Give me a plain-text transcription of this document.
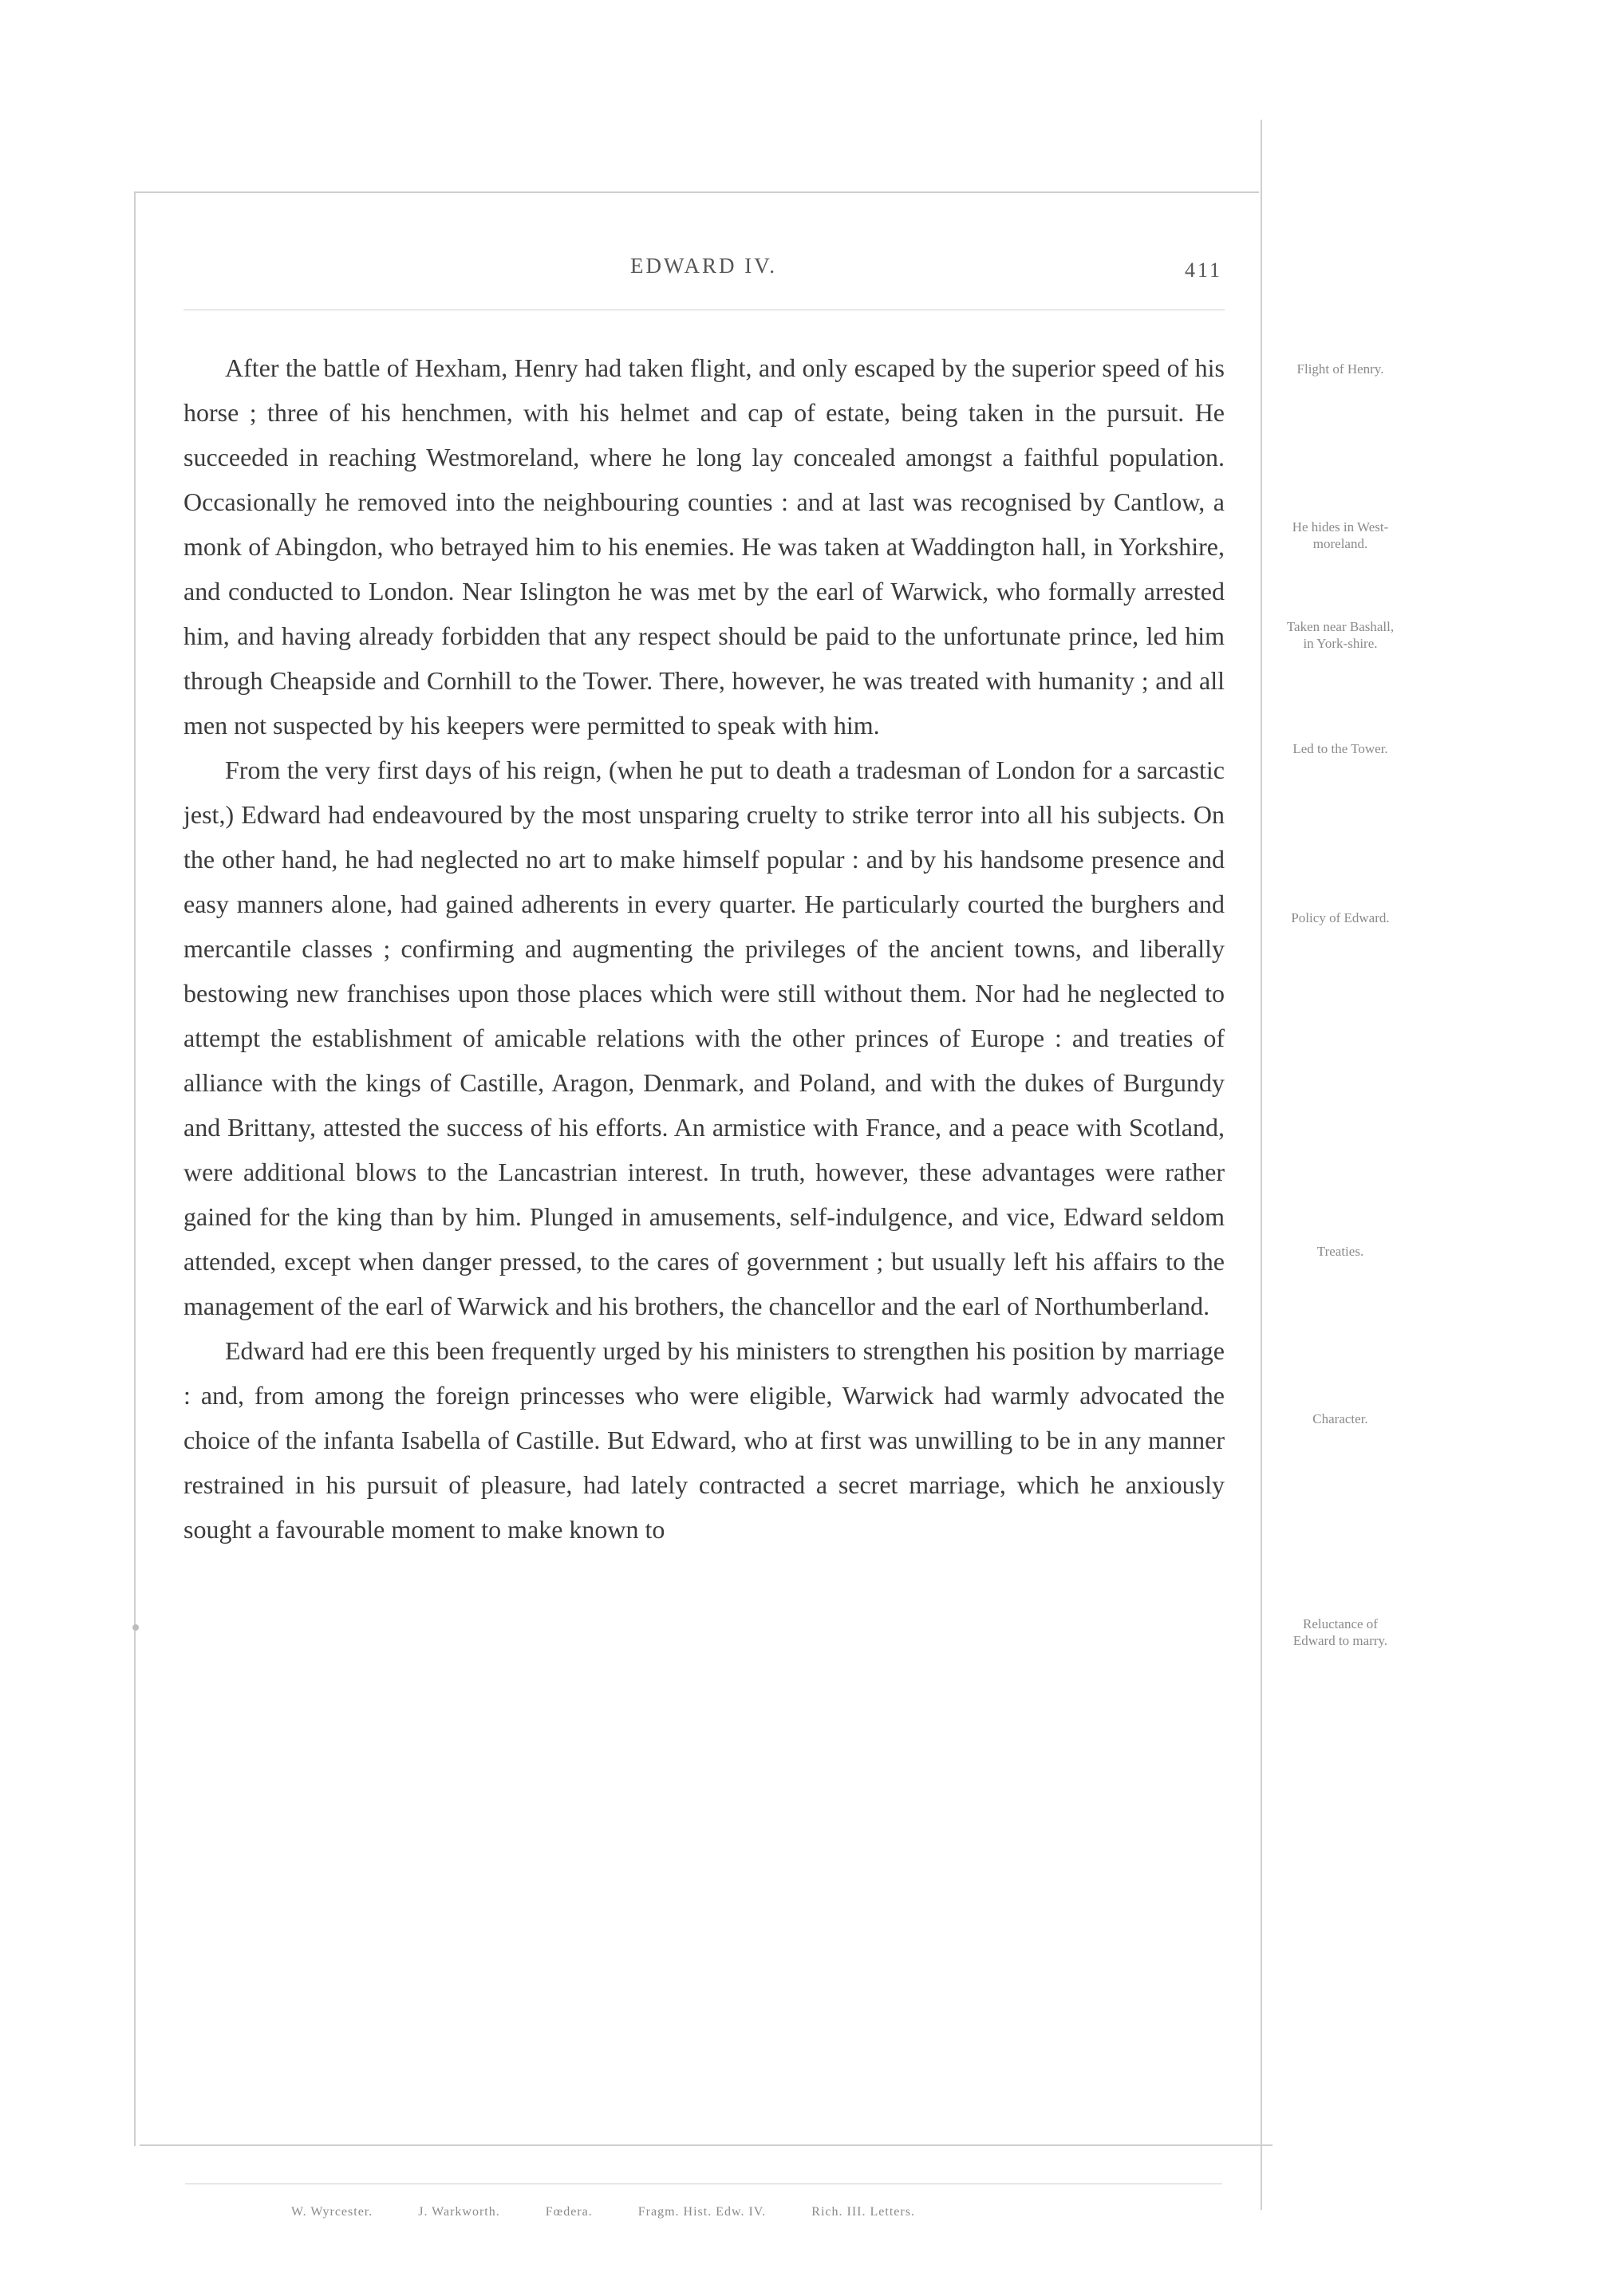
EDWARD IV.	411

After the battle of Hexham, Henry had taken flight, and only escaped by the superior speed of his horse ; three of his henchmen, with his helmet and cap of estate, being taken in the pursuit. He succeeded in reaching Westmoreland, where he long lay concealed amongst a faithful population. Occasionally he removed into the neighbouring counties : and at last was recognised by Cantlow, a monk of Abingdon, who betrayed him to his enemies. He was taken at Waddington hall, in Yorkshire, and conducted to London. Near Islington he was met by the earl of Warwick, who formally arrested him, and having already forbidden that any respect should be paid to the unfortunate prince, led him through Cheapside and Cornhill to the Tower. There, however, he was treated with humanity ; and all men not suspected by his keepers were permitted to speak with him.

From the very first days of his reign, (when he put to death a tradesman of London for a sarcastic jest,) Edward had endeavoured by the most unsparing cruelty to strike terror into all his subjects. On the other hand, he had neglected no art to make himself popular : and by his handsome presence and easy manners alone, had gained adherents in every quarter. He particularly courted the burghers and mercantile classes ; confirming and augmenting the privileges of the ancient towns, and liberally bestowing new franchises upon those places which were still without them. Nor had he neglected to attempt the establishment of amicable relations with the other princes of Europe : and treaties of alliance with the kings of Castille, Aragon, Denmark, and Poland, and with the dukes of Burgundy and Brittany, attested the success of his efforts. An armistice with France, and a peace with Scotland, were additional blows to the Lancastrian interest. In truth, however, these advantages were rather gained for the king than by him. Plunged in amusements, self-indulgence, and vice, Edward seldom attended, except when danger pressed, to the cares of government ; but usually left his affairs to the management of the earl of Warwick and his brothers, the chancellor and the earl of Northumberland.

Edward had ere this been frequently urged by his ministers to strengthen his position by marriage : and, from among the foreign princesses who were eligible, Warwick had warmly advocated the choice of the infanta Isabella of Castille. But Edward, who at first was unwilling to be in any manner restrained in his pursuit of pleasure, had lately contracted a secret marriage, which he anxiously sought a favourable moment to make known to

Flight of Henry.
He hides in West-moreland.
Taken near Bashall, in York-shire.
Led to the Tower.
Policy of Edward.
Treaties.
Character.
Reluctance of Edward to marry.
W. Wyrcester.	J. Warkworth.	Fœdera.	Fragm. Hist. Edw. IV.	Rich. III. Letters.
